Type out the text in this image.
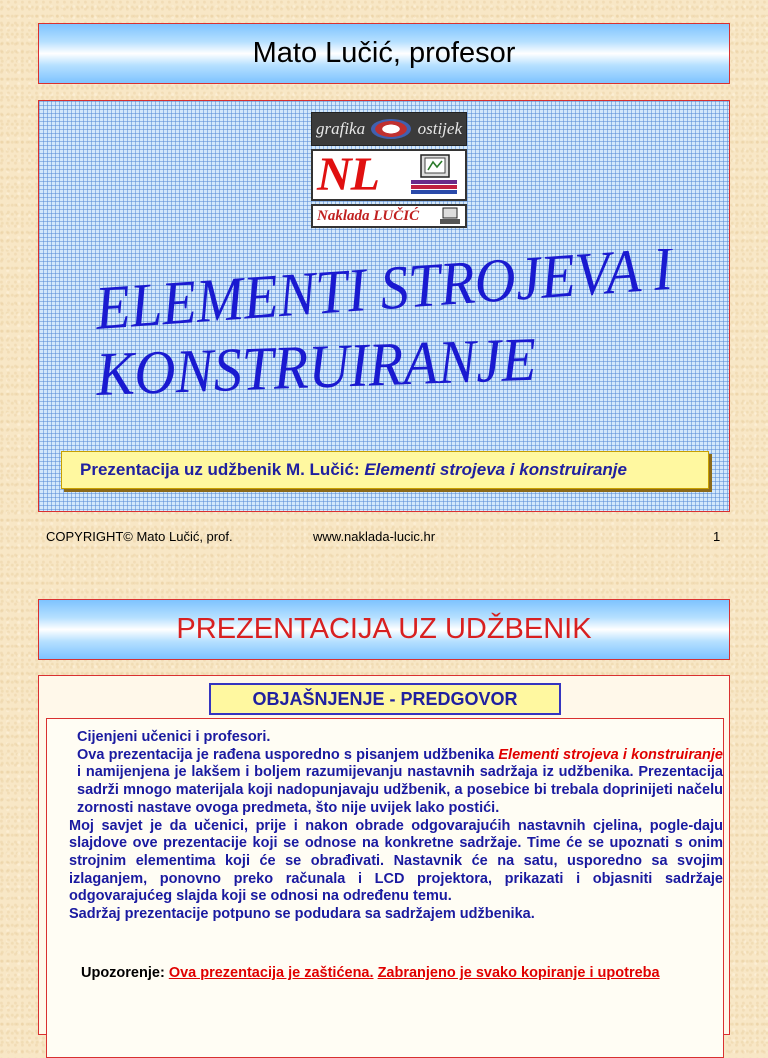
Mato Lučić, profesor
grafika	ostijek
NL
Naklada LUČIĆ
ELEMENTI STROJEVA I
KONSTRUIRANJE
Prezentacija uz udžbenik M. Lučić: Elementi strojeva i konstruiranje
COPYRIGHT© Mato Lučić, prof.	www.naklada-lucic.hr	1
PREZENTACIJA UZ UDŽBENIK
OBJAŠNJENJE - PREDGOVOR

Cijenjeni učenici i profesori.

Ova prezentacija je rađena usporedno s pisanjem udžbenika Elementi strojeva i konstruiranje i namijenjena je lakšem i boljem razumijevanju nastavnih sadržaja iz udžbenika. Prezentacija sadrži mnogo materijala koji nadopunjavaju udžbenik, a posebice bi trebala doprinijeti načelu zornosti nastave ovoga predmeta, što nije uvijek lako postići.

Moj savjet je da učenici, prije i nakon obrade odgovarajućih nastavnih cjelina, pogle-daju slajdove ove prezentacije koji se odnose na konkretne sadržaje. Time će se upoznati s onim strojnim elementima koji će se obrađivati. Nastavnik će na satu, usporedno sa svojim izlaganjem, ponovno preko računala i LCD projektora, prikazati i objasniti sadržaje odgovarajućeg slajda koji se odnosi na određenu temu.

Sadržaj prezentacije potpuno se podudara sa sadržajem udžbenika.

Upozorenje: Ova prezentacija je zaštićena. Zabranjeno je svako kopiranje i upotreba
